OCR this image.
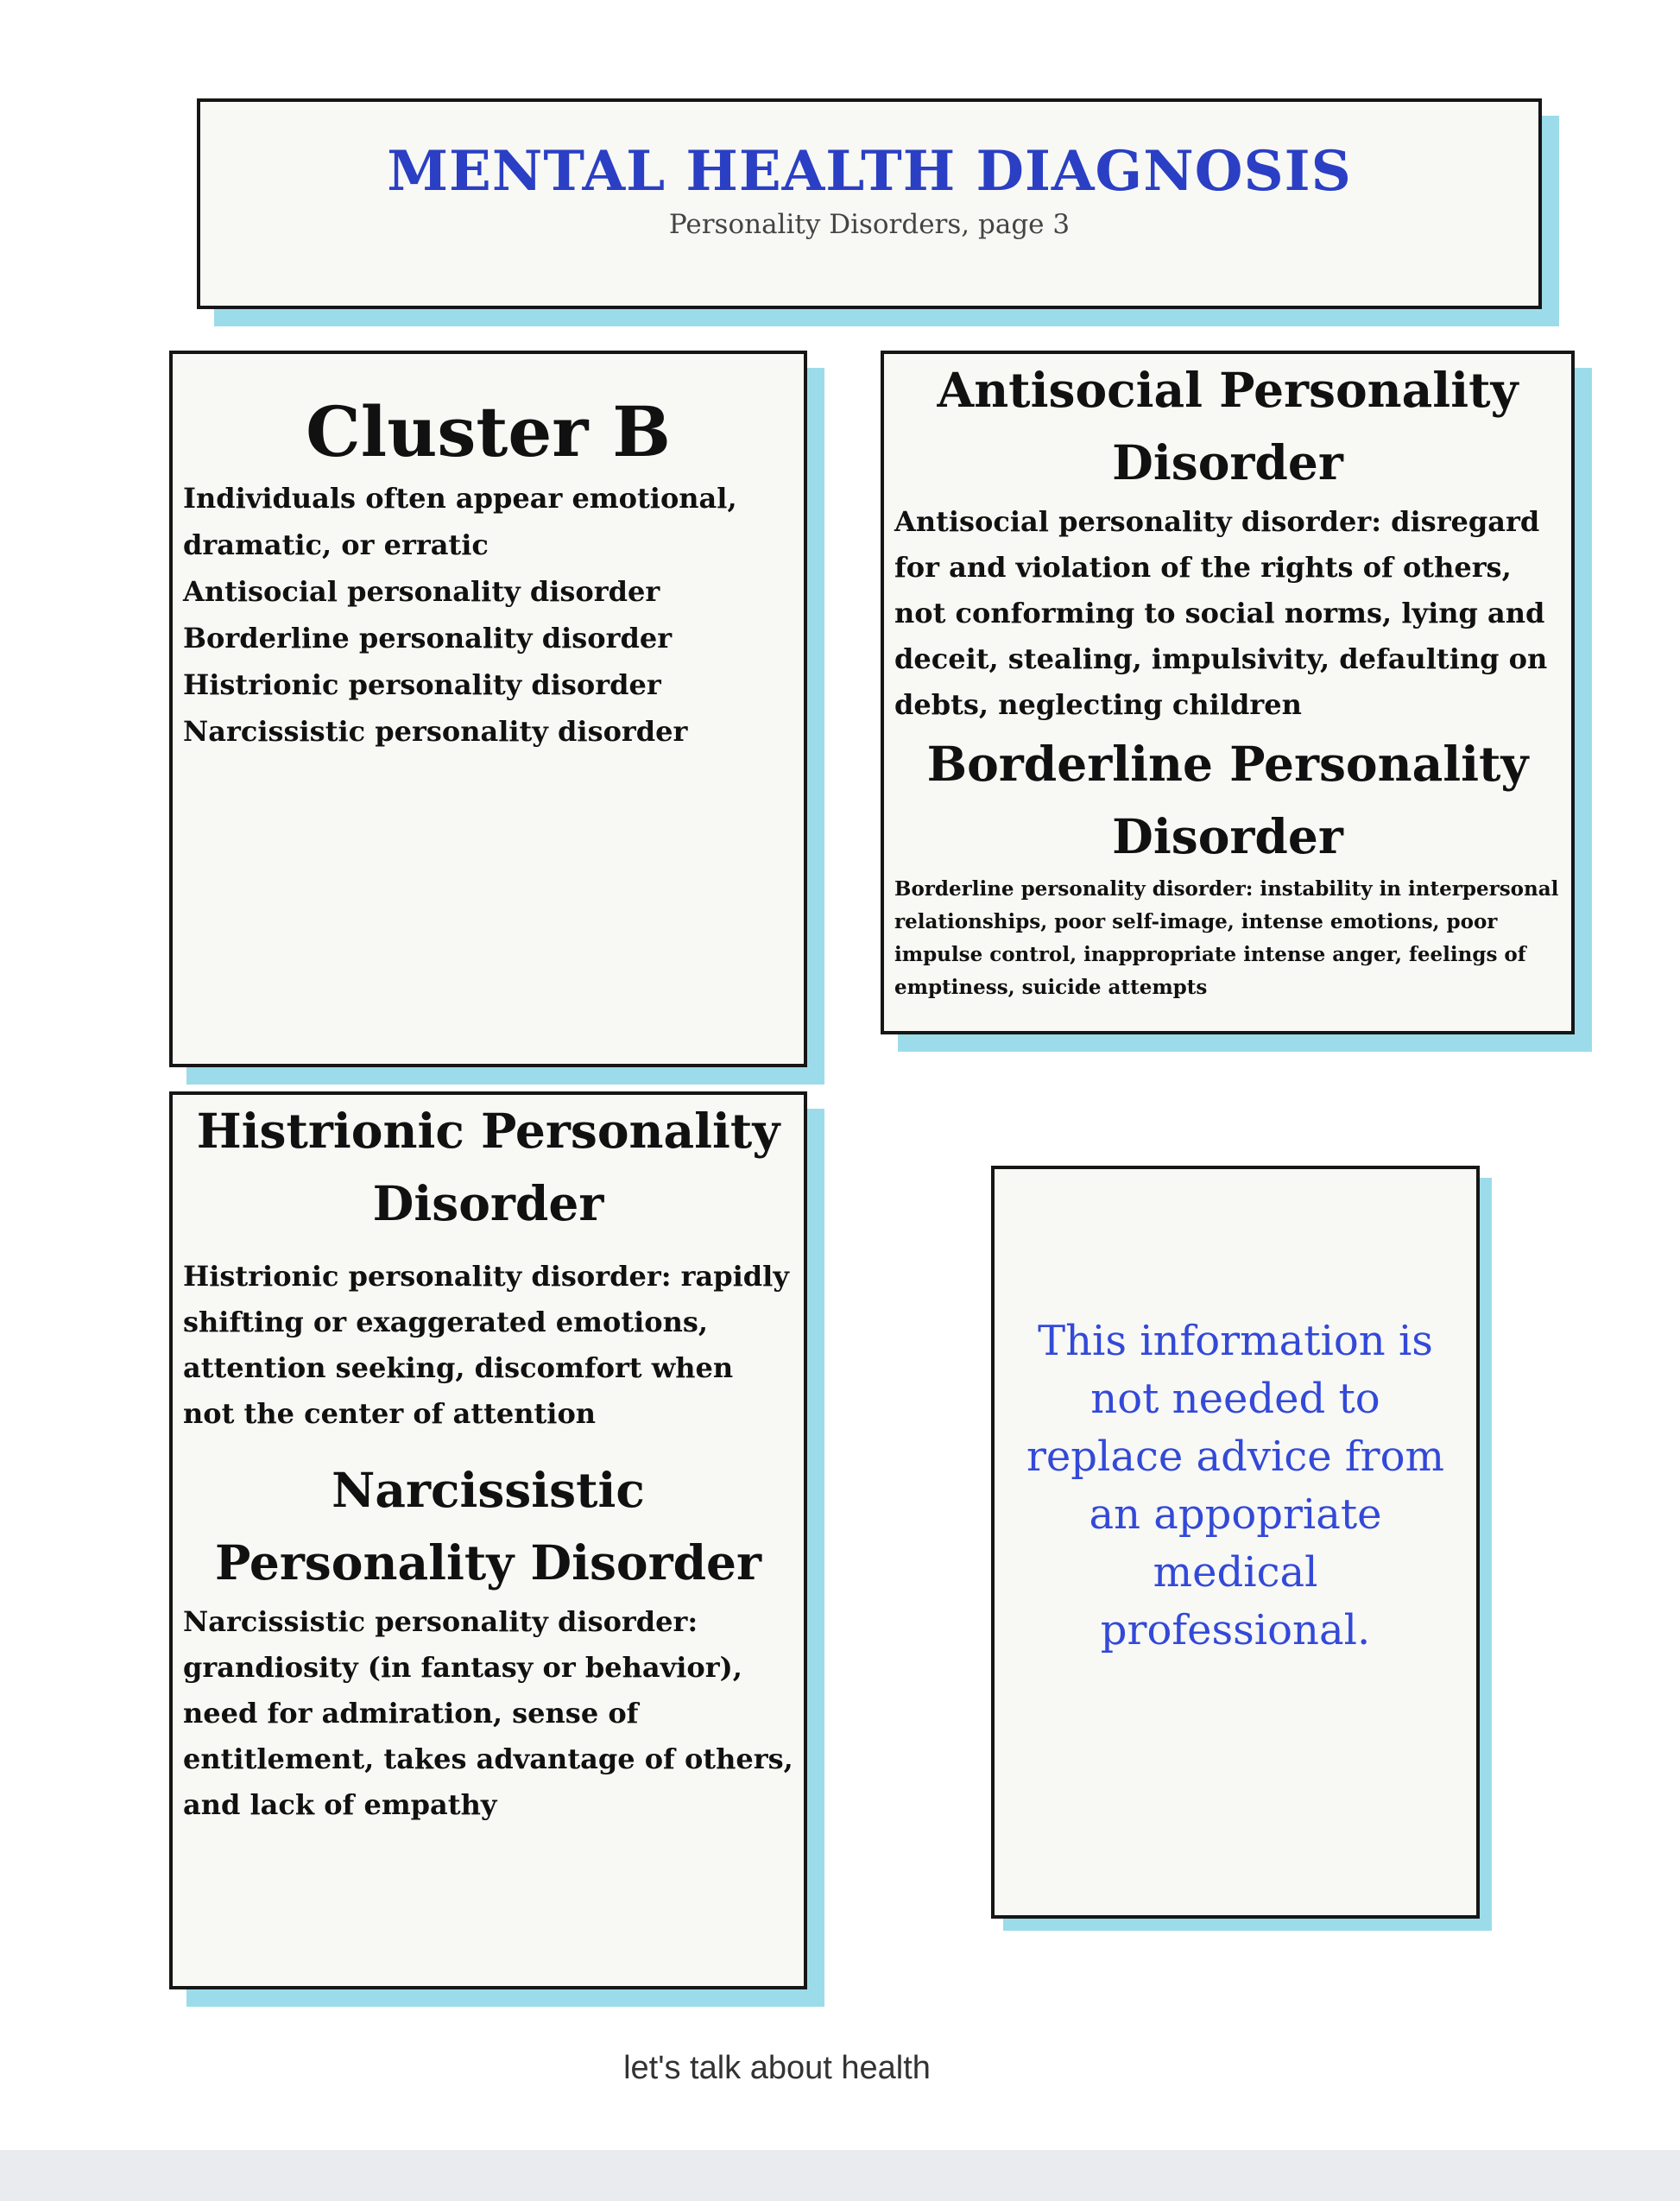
MENTAL HEALTH DIAGNOSIS
Personality Disorders, page 3
Cluster B

Individuals often appear emotional, dramatic, or erratic

Antisocial personality disorder

Borderline personality disorder

Histrionic personality disorder

Narcissistic personality disorder

Antisocial Personality Disorder

Antisocial personality disorder: disregard for and violation of the rights of others, not conforming to social norms, lying and deceit, stealing, impulsivity, defaulting on debts, neglecting children

Borderline Personality Disorder

Borderline personality disorder: instability in interpersonal relationships, poor self-image, intense emotions, poor impulse control, inappropriate intense anger, feelings of emptiness, suicide attempts

Histrionic Personality Disorder

Histrionic personality disorder: rapidly shifting or exaggerated emotions, attention seeking, discomfort when not the center of attention

Narcissistic Personality Disorder

Narcissistic personality disorder: grandiosity (in fantasy or behavior), need for admiration, sense of entitlement, takes advantage of others, and lack of empathy

This information is not needed to replace advice from an appopriate medical professional.

let's talk about health
